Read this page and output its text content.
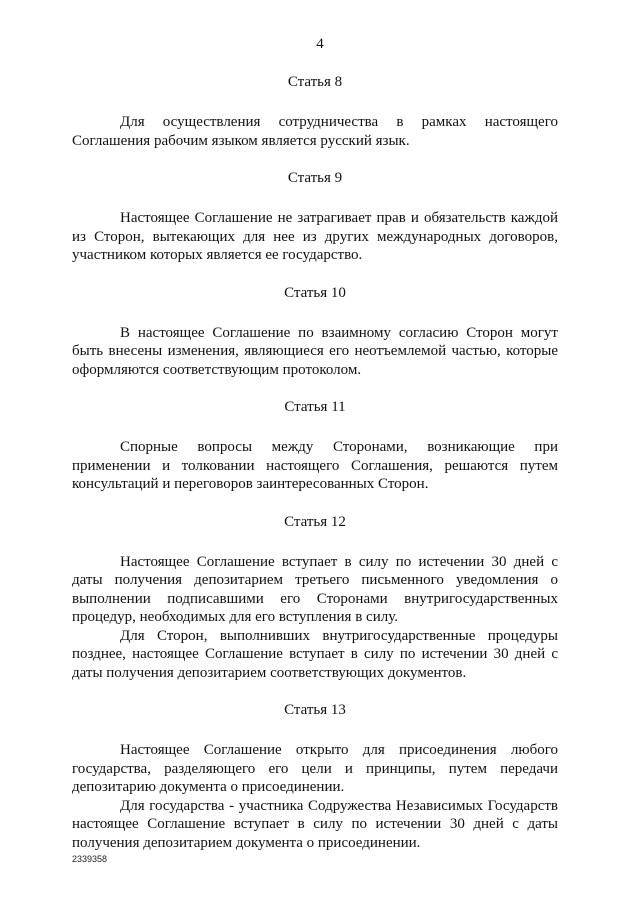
4
Статья 8

Для осуществления сотрудничества в рамках настоящего Соглашения рабочим языком является русский язык.

Статья 9

Настоящее Соглашение не затрагивает прав и обязательств каждой из Сторон, вытекающих для нее из других международных договоров, участником которых является ее государство.

Статья 10

В настоящее Соглашение по взаимному согласию Сторон могут быть внесены изменения, являющиеся его неотъемлемой частью, которые оформляются соответствующим протоколом.

Статья 11

Спорные вопросы между Сторонами, возникающие при применении и толковании настоящего Соглашения, решаются путем консультаций и переговоров заинтересованных Сторон.

Статья 12

Настоящее Соглашение вступает в силу по истечении 30 дней с даты получения депозитарием третьего письменного уведомления о выполнении подписавшими его Сторонами внутригосударственных процедур, необходимых для его вступления в силу.

Для Сторон, выполнивших внутригосударственные процедуры позднее, настоящее Соглашение вступает в силу по истечении 30 дней с даты получения депозитарием соответствующих документов.

Статья 13

Настоящее Соглашение открыто для присоединения любого государства, разделяющего его цели и принципы, путем передачи депозитарию документа о присоединении.

Для государства - участника Содружества Независимых Государств настоящее Соглашение вступает в силу по истечении 30 дней с даты получения депозитарием документа о присоединении.

2339358
